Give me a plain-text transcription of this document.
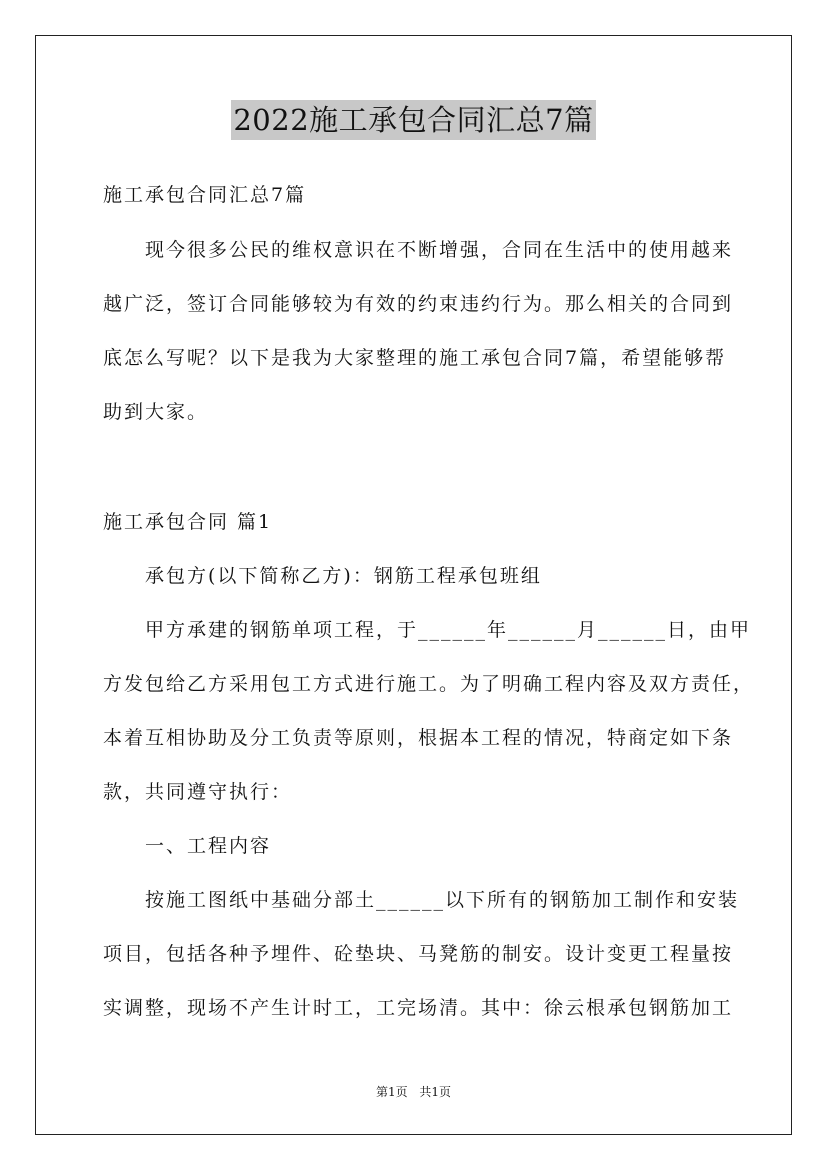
2022施工承包合同汇总7篇
施工承包合同汇总7篇
现今很多公民的维权意识在不断增强，合同在生活中的使用越来
越广泛，签订合同能够较为有效的约束违约行为。那么相关的合同到
底怎么写呢？以下是我为大家整理的施工承包合同7篇，希望能够帮
助到大家。
施工承包合同 篇1
承包方(以下简称乙方)：钢筋工程承包班组
甲方承建的钢筋单项工程，于______年______月______日，由甲
方发包给乙方采用包工方式进行施工。为了明确工程内容及双方责任，
本着互相协助及分工负责等原则，根据本工程的情况，特商定如下条
款，共同遵守执行：
一、工程内容
按施工图纸中基础分部土______以下所有的钢筋加工制作和安装
项目，包括各种予埋件、砼垫块、马凳筋的制安。设计变更工程量按
实调整，现场不产生计时工，工完场清。其中：徐云根承包钢筋加工
第1页 共1页
